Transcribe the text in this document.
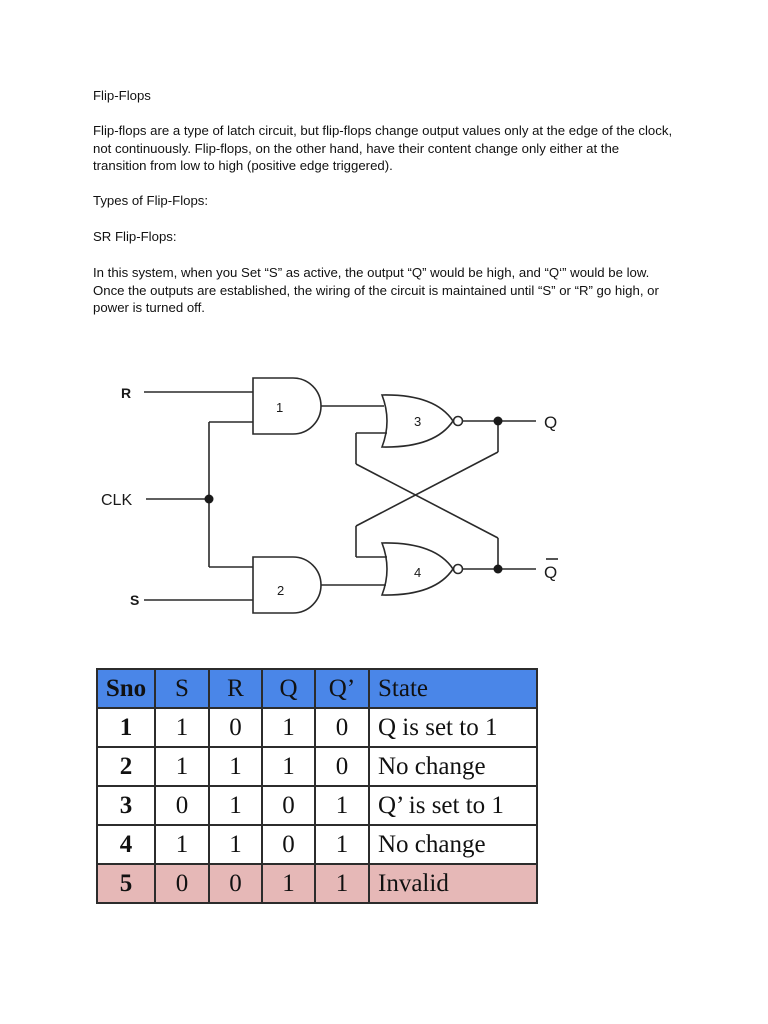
Flip-Flops

Flip-flops are a type of latch circuit, but flip-flops change output values only at the edge of the clock, not continuously. Flip-flops, on the other hand, have their content change only either at the transition from low to high (positive edge triggered).

Types of Flip-Flops:

SR Flip-Flops:

In this system, when you Set “S” as active, the output “Q” would be high, and “Q‘” would be low. Once the outputs are established, the wiring of the circuit is maintained until “S” or “R” go high, or power is turned off.

R
CLK
S
1
2
3
4
Q
Q
Sno	S	R	Q	Q’	State
1	1	0	1	0	Q is set to 1
2	1	1	1	0	No change
3	0	1	0	1	Q’ is set to 1
4	1	1	0	1	No change
5	0	0	1	1	Invalid
